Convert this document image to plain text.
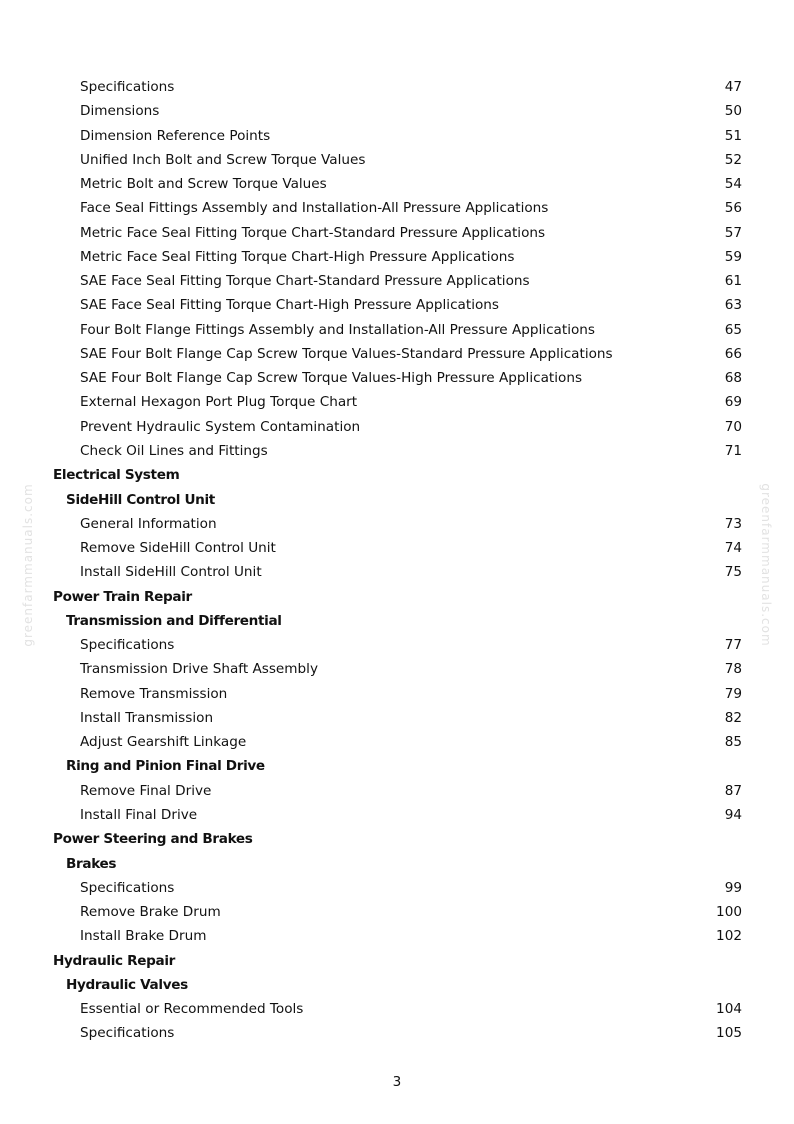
Specifications	47
Dimensions	50
Dimension Reference Points	51
Unified Inch Bolt and Screw Torque Values	52
Metric Bolt and Screw Torque Values	54
Face Seal Fittings Assembly and Installation-All Pressure Applications	56
Metric Face Seal Fitting Torque Chart-Standard Pressure Applications	57
Metric Face Seal Fitting Torque Chart-High Pressure Applications	59
SAE Face Seal Fitting Torque Chart-Standard Pressure Applications	61
SAE Face Seal Fitting Torque Chart-High Pressure Applications	63
Four Bolt Flange Fittings Assembly and Installation-All Pressure Applications	65
SAE Four Bolt Flange Cap Screw Torque Values-Standard Pressure Applications	66
SAE Four Bolt Flange Cap Screw Torque Values-High Pressure Applications	68
External Hexagon Port Plug Torque Chart	69
Prevent Hydraulic System Contamination	70
Check Oil Lines and Fittings	71
Electrical System
SideHill Control Unit
General Information	73
Remove SideHill Control Unit	74
Install SideHill Control Unit	75
Power Train Repair
Transmission and Differential
Specifications	77
Transmission Drive Shaft Assembly	78
Remove Transmission	79
Install Transmission	82
Adjust Gearshift Linkage	85
Ring and Pinion Final Drive
Remove Final Drive	87
Install Final Drive	94
Power Steering and Brakes
Brakes
Specifications	99
Remove Brake Drum	100
Install Brake Drum	102
Hydraulic Repair
Hydraulic Valves
Essential or Recommended Tools	104
Specifications	105
3
greenfarmmanuals.com	greenfarmmanuals.com
